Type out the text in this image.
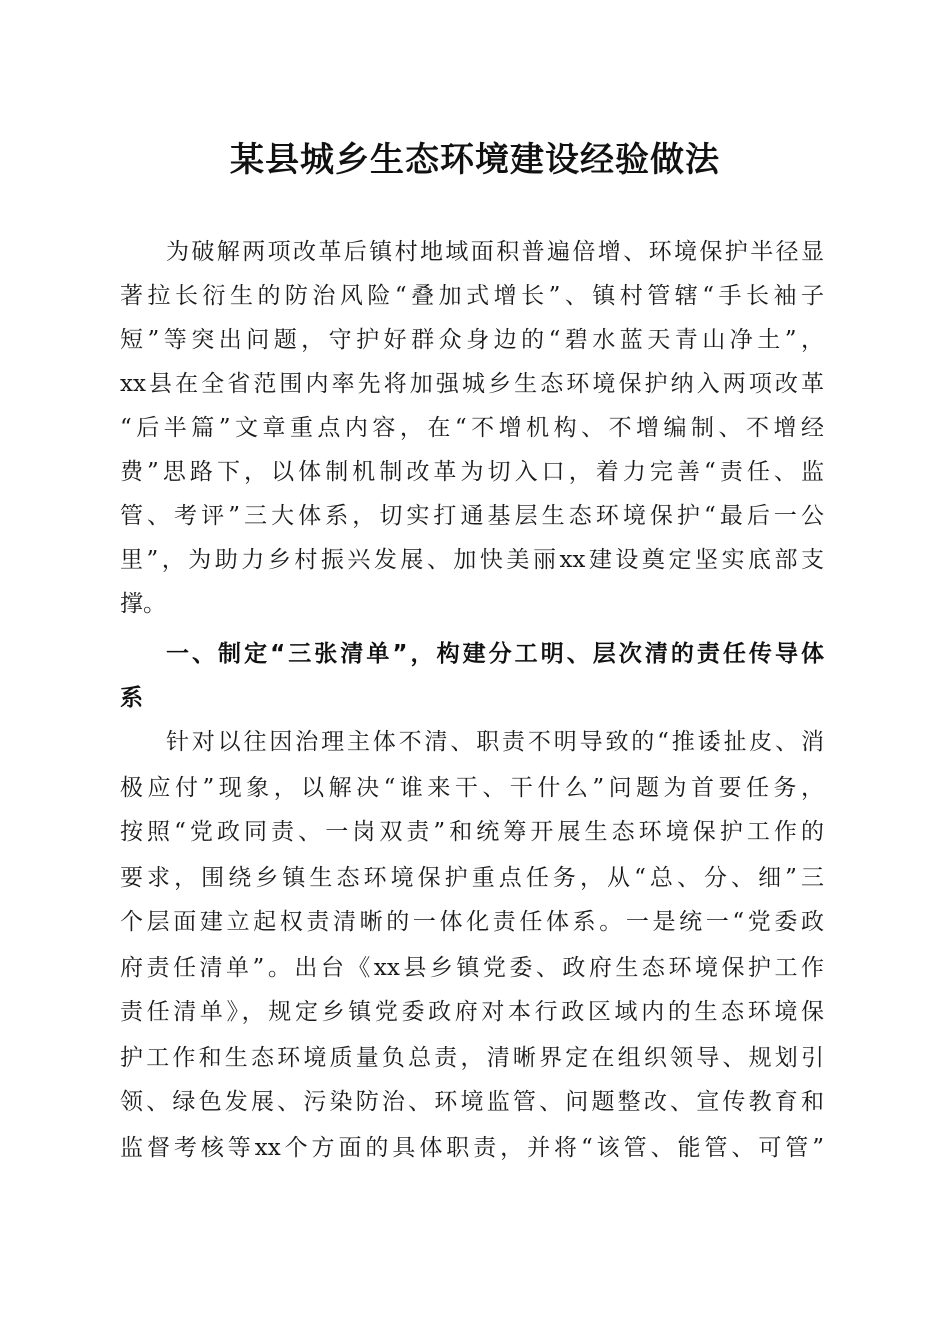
某县城乡生态环境建设经验做法
为破解两项改革后镇村地域面积普遍倍增、环境保护半径显
著拉长衍生的防治风险“叠加式增长”、镇村管辖“手长袖子
短”等突出问题，守护好群众身边的“碧水蓝天青山净土”，
xx县在全省范围内率先将加强城乡生态环境保护纳入两项改革
“后半篇”文章重点内容，在“不增机构、不增编制、不增经
费”思路下，以体制机制改革为切入口，着力完善“责任、监
管、考评”三大体系，切实打通基层生态环境保护“最后一公
里”，为助力乡村振兴发展、加快美丽xx建设奠定坚实底部支
撑。
一、制定“三张清单”，构建分工明、层次清的责任传导体
系
针对以往因治理主体不清、职责不明导致的“推诿扯皮、消
极应付”现象，以解决“谁来干、干什么”问题为首要任务，
按照“党政同责、一岗双责”和统筹开展生态环境保护工作的
要求，围绕乡镇生态环境保护重点任务，从“总、分、细”三
个层面建立起权责清晰的一体化责任体系。一是统一“党委政
府责任清单”。出台《xx县乡镇党委、政府生态环境保护工作
责任清单》，规定乡镇党委政府对本行政区域内的生态环境保
护工作和生态环境质量负总责，清晰界定在组织领导、规划引
领、绿色发展、污染防治、环境监管、问题整改、宣传教育和
监督考核等xx个方面的具体职责，并将“该管、能管、可管”
